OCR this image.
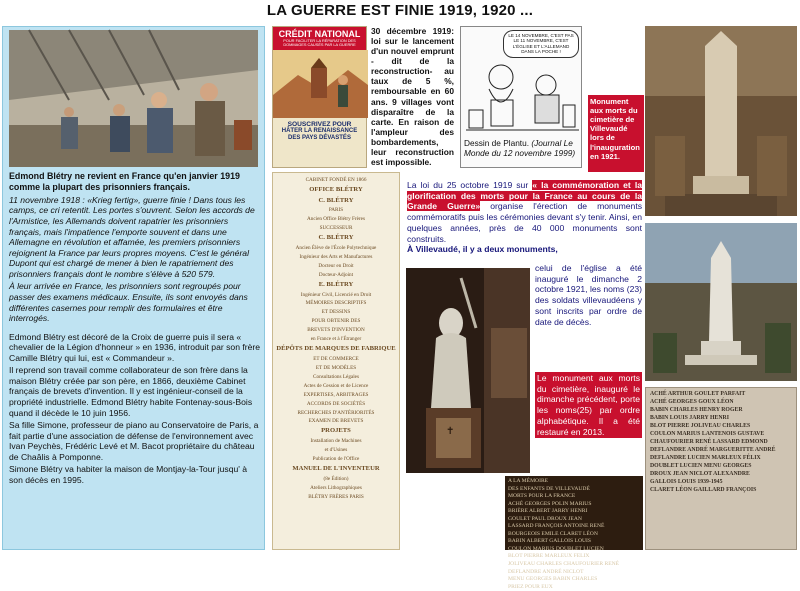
LA GUERRE EST FINIE 1919, 1920 ...

Edmond Blétry ne revient en France qu'en janvier 1919 comme la plupart des prisonniers français.

11 novembre 1918 : «Krieg fertig», guerre finie ! Dans tous les camps, ce cri retentit. Les portes s'ouvrent. Selon les accords de l'Armistice, les Allemands doivent rapatrier les prisonniers français, mais l'impatience l'emporte souvent et dans une Allemagne en révolution et affamée, les premiers prisonniers rejoignent la France par leurs propres moyens. C'est le général Dupont qui est chargé de mener à bien le rapatriement des prisonniers français dont le nombre s'élève à 520 579.

À leur arrivée en France, les prisonniers sont regroupés pour passer des examens médicaux. Ensuite, ils sont envoyés dans différentes casernes pour remplir des formulaires et être interrogés.

Edmond Blétry est décoré de la Croix de guerre puis il sera « chevalier de la Légion d'honneur » en 1936, introduit par son frère Camille Blétry qui lui, est « Commandeur ».

Il reprend son travail comme collaborateur de son frère dans la maison Blétry créée par son père, en 1866, deuxième Cabinet français de brevets d'invention. Il y est ingénieur-conseil de la propriété industrielle. Edmond Blétry habite Fontenay-sous-Bois quand il décède le 10 juin 1956.

Sa fille Simone, professeur de piano au Conservatoire de Paris, a fait partie d'une association de défense de l'environnement avec Ivan Peychès, Frédéric Levé et M. Bacot propriétaire du château de Chaâlis à Pomponne.

Simone Blétry va habiter la maison de Montjay-la-Tour jusqu' à son décès en 1995.

CRÉDIT NATIONAL
POUR FACILITER LA RÉPARATION DES DOMMAGES CAUSÉS PAR LA GUERRE
SOUSCRIVEZ POUR
HÂTER LA RENAISSANCE
DES PAYS DÉVASTÉS
30 décembre 1919: loi sur le lancement d'un nouvel emprunt - dit de la reconstruction- au taux de 5 %, remboursable en 60 ans. 9 villages vont disparaître de la carte. En raison de l'ampleur des bombardements, leur reconstruction est impossible.
LE 14 NOVEMBRE, C'EST PAS LE 11 NOVEMBRE, C'EST L'ÉGLISE ET L'ALLEMAND DANS LA POCHE !
Dessin de Plantu. (Journal Le Monde du 12 novembre 1999)
Monument aux morts du cimetière de Villevaudé lors de l'inauguration en 1921.
CABINET FONDÉ EN 1866
OFFICE BLÉTRY
C. BLÉTRY
PARIS
Ancien Office Blétry Frères
SUCCESSEUR
C. BLÉTRY
Ancien Élève de l'École Polytechnique
Ingénieur des Arts et Manufactures
Docteur en Droit
Docteur-Adjoint
E. BLÉTRY
Ingénieur Civil, Licencié en Droit
MÉMOIRES DESCRIPTIFS
ET DESSINS
POUR OBTENIR DES
BREVETS D'INVENTION
en France et à l'Étranger
DÉPÔTS DE MARQUES DE FABRIQUE
ET DE COMMERCE
ET DE MODÈLES
Consultations Légales
Actes de Cession et de Licence
EXPERTISES, ARBITRAGES
ACCORDS DE SOCIÉTÉS
RECHERCHES D'ANTÉRIORITÉS
EXAMEN DE BREVETS
PROJETS
Installation de Machines
et d'Usines
Publication de l'Office
MANUEL DE L'INVENTEUR
(8e Édition)
Ateliers Lithographiques
BLÉTRY FRÈRES PARIS
La loi du 25 octobre 1919 sur « la commémoration et la glorification des morts pour la France au cours de la Grande Guerre» organise l'érection de monuments commémoratifs puis les cérémonies devant s'y tenir. Ainsi, en quelques années, près de 40 000 monuments sont construits.
À Villevaudé, il y a deux monuments,
celui de l'église a été inauguré le dimanche 2 octobre 1921, les noms (23) des soldats villevaudéens y sont inscrits par ordre de date de décès.
Le monument aux morts du cimetière, inauguré le dimanche précédent, porte les noms(25) par ordre alphabétique. Il a été restauré en 2013.
✝
A LA MÉMOIRE
DES ENFANTS DE VILLEVAUDÉ
MORTS POUR LA FRANCE
ACHÉ GEORGES POLIN MARIUS
BRIÈRE ALBERT JARRY HENRI
GOULET PAUL DROUX JEAN
LASSARD FRANÇOIS ANTOINE RENÉ
BOURGEOIS EMILE CLARET LÉON
BABIN ALBERT GALLOIS LOUIS
COULON MARIUS DOUBLET LUCIEN
BLOT PIERRE MARLEUX FELIX
JOLIVEAU CHARLES CHAUFOURIER RENÉ
DEFLANDRE ANDRÉ NICLOT
MENU GEORGES BABIN CHARLES
PRIEZ POUR EUX
ACHÉ ARTHUR GOULET PARFAIT
ACHÉ GEORGES GOUX LÉON
BABIN CHARLES HENRY ROGER
BABIN LOUIS JARRY HENRI
BLOT PIERRE JOLIVEAU CHARLES
COULON MARIUS LANTENOIS GUSTAVE
CHAUFOURIER RENÉ LASSARD EDMOND
DEFLANDRE ANDRÉ MARGUERITTE ANDRÉ
DEFLANDRE LUCIEN MARLEUX FÉLIX
DOUBLET LUCIEN MENU GEORGES
DROUX JEAN NICLOT ALEXANDRE
GALLOIS LOUIS 1939-1945
CLARET LÉON GAILLARD FRANÇOIS
